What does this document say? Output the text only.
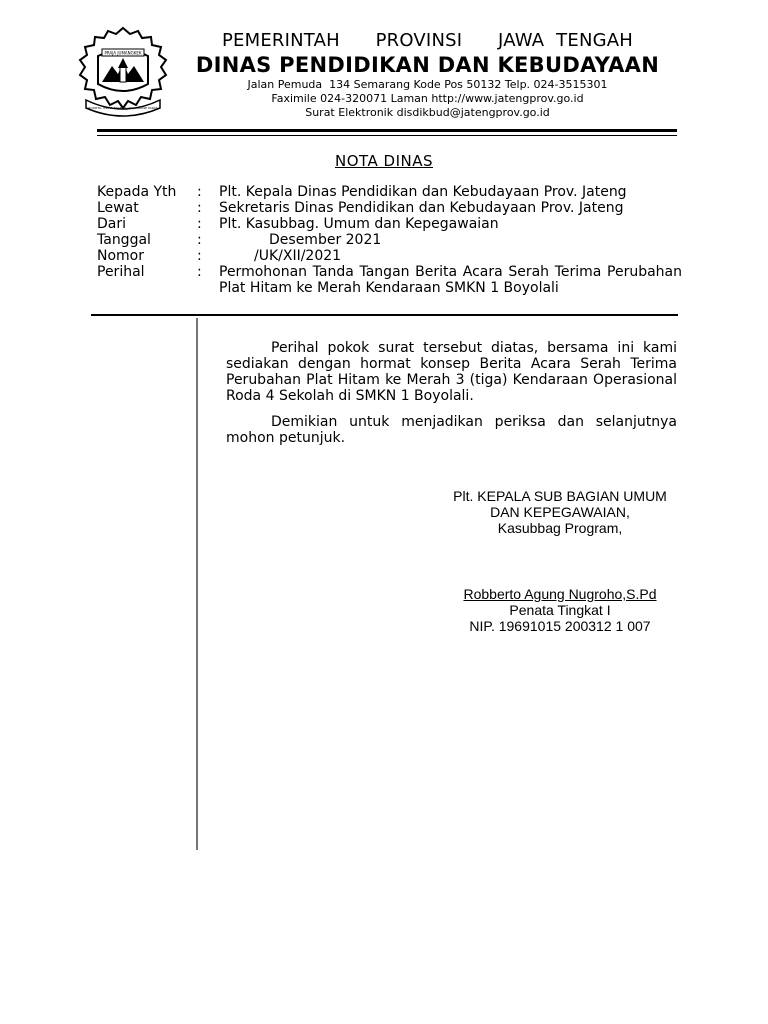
PRAJA JUMANGKEK
ROSIPTA, ISWAR BRANTIS JAN JIRARASE PARAS
PEMERINTAH   PROVINSI   JAWA TENGAH
DINAS PENDIDIKAN DAN KEBUDAYAAN
Jalan Pemuda  134 Semarang Kode Pos 50132 Telp. 024-3515301
Faximile 024-320071 Laman http://www.jatengprov.go.id
Surat Elektronik disdikbud@jatengprov.go.id
NOTA DINAS
Kepada Yth	:	Plt. Kepala Dinas Pendidikan dan Kebudayaan Prov. Jateng
Lewat	:	Sekretaris Dinas Pendidikan dan Kebudayaan Prov. Jateng
Dari	:	Plt. Kasubbag. Umum dan Kepegawaian
Tanggal	:	Desember 2021
Nomor	:	/UK/XII/2021
Perihal	:	Permohonan Tanda Tangan Berita Acara Serah Terima Perubahan Plat Hitam ke Merah Kendaraan SMKN 1 Boyolali

Perihal pokok surat tersebut diatas, bersama ini kami sediakan dengan hormat konsep Berita Acara Serah Terima Perubahan Plat Hitam ke Merah 3 (tiga) Kendaraan Operasional Roda 4 Sekolah di SMKN 1 Boyolali.

Demikian untuk menjadikan periksa dan selanjutnya mohon petunjuk.

Plt. KEPALA SUB BAGIAN UMUM
DAN KEPEGAWAIAN,
Kasubbag Program,
Robberto Agung Nugroho,S.Pd
Penata Tingkat I
NIP. 19691015 200312 1 007
